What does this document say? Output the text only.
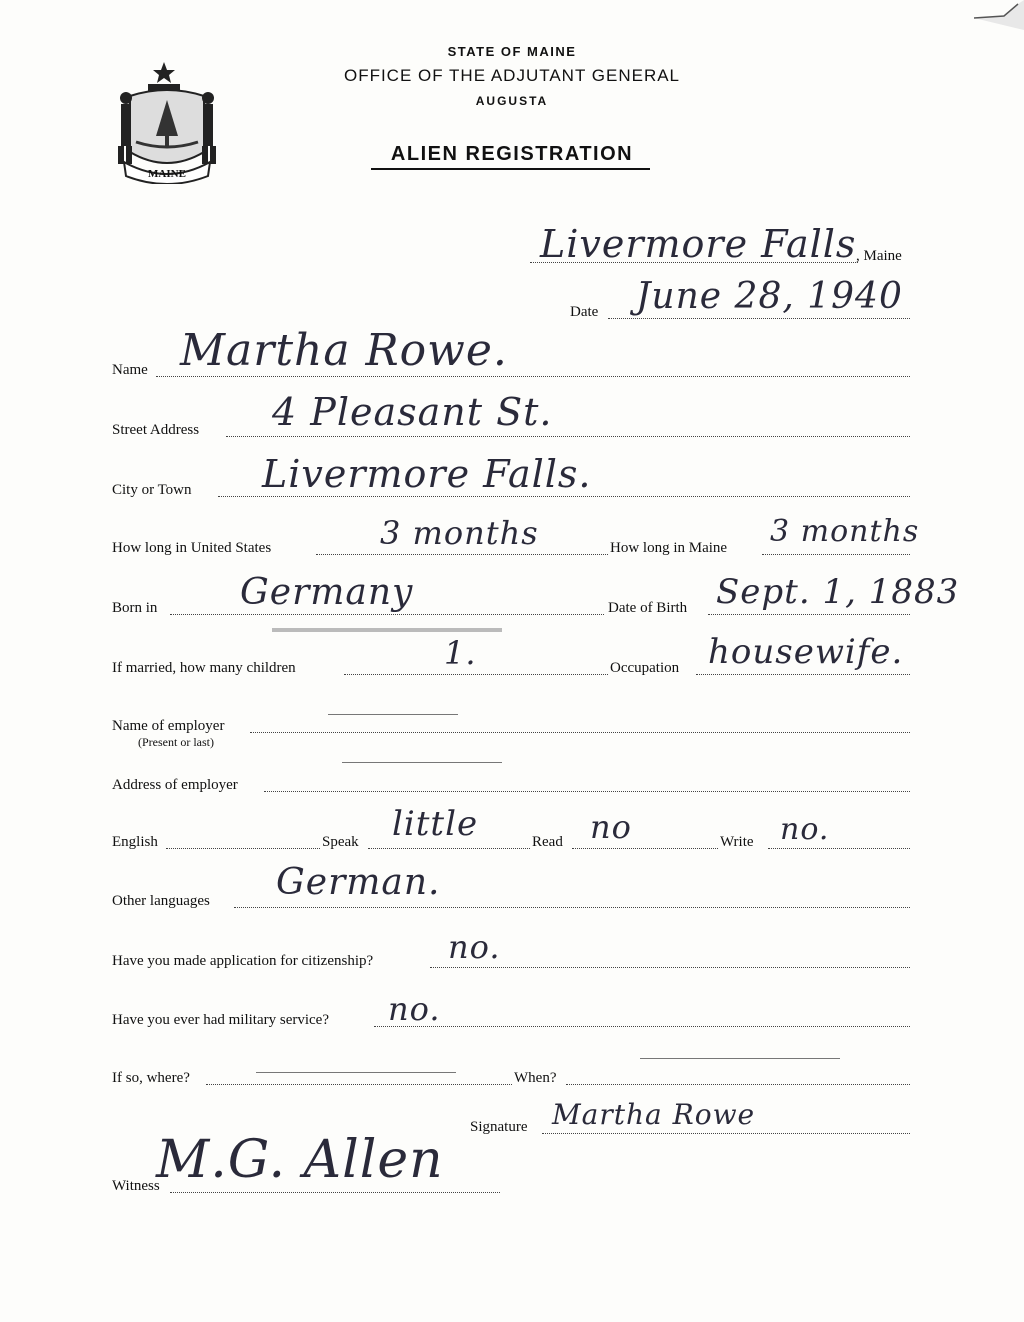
MAINE
STATE OF MAINE
OFFICE OF THE ADJUTANT GENERAL
AUGUSTA
ALIEN REGISTRATION
Livermore Falls , Maine
Date June 28, 1940
Name Martha Rowe.
Street Address 4 Pleasant St.
City or Town Livermore Falls.
How long in United States	3 months	How long in Maine 3 months
Born in Germany	Date of Birth Sept. 1, 1883
If married, how many children	1.	Occupation housewife.
Name of employer
(Present or last)
Address of employer
English	Speak little	Read no	Write no.
Other languages German.
Have you made application for citizenship? no.
Have you ever had military service? no.
If so, where?	When?
Signature Martha Rowe
Witness
M.G. Allen
